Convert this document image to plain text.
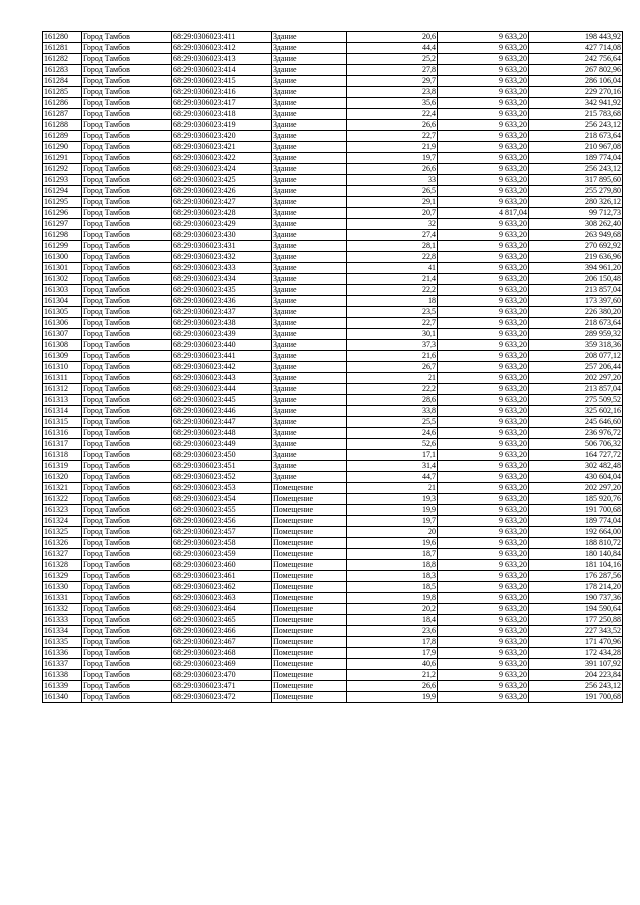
161280	Город Тамбов	68:29:0306023:411	Здание	20,6	9 633,20	198 443,92
161281	Город Тамбов	68:29:0306023:412	Здание	44,4	9 633,20	427 714,08
161282	Город Тамбов	68:29:0306023:413	Здание	25,2	9 633,20	242 756,64
161283	Город Тамбов	68:29:0306023:414	Здание	27,8	9 633,20	267 802,96
161284	Город Тамбов	68:29:0306023:415	Здание	29,7	9 633,20	286 106,04
161285	Город Тамбов	68:29:0306023:416	Здание	23,8	9 633,20	229 270,16
161286	Город Тамбов	68:29:0306023:417	Здание	35,6	9 633,20	342 941,92
161287	Город Тамбов	68:29:0306023:418	Здание	22,4	9 633,20	215 783,68
161288	Город Тамбов	68:29:0306023:419	Здание	26,6	9 633,20	256 243,12
161289	Город Тамбов	68:29:0306023:420	Здание	22,7	9 633,20	218 673,64
161290	Город Тамбов	68:29:0306023:421	Здание	21,9	9 633,20	210 967,08
161291	Город Тамбов	68:29:0306023:422	Здание	19,7	9 633,20	189 774,04
161292	Город Тамбов	68:29:0306023:424	Здание	26,6	9 633,20	256 243,12
161293	Город Тамбов	68:29:0306023:425	Здание	33	9 633,20	317 895,60
161294	Город Тамбов	68:29:0306023:426	Здание	26,5	9 633,20	255 279,80
161295	Город Тамбов	68:29:0306023:427	Здание	29,1	9 633,20	280 326,12
161296	Город Тамбов	68:29:0306023:428	Здание	20,7	4 817,04	99 712,73
161297	Город Тамбов	68:29:0306023:429	Здание	32	9 633,20	308 262,40
161298	Город Тамбов	68:29:0306023:430	Здание	27,4	9 633,20	263 949,68
161299	Город Тамбов	68:29:0306023:431	Здание	28,1	9 633,20	270 692,92
161300	Город Тамбов	68:29:0306023:432	Здание	22,8	9 633,20	219 636,96
161301	Город Тамбов	68:29:0306023:433	Здание	41	9 633,20	394 961,20
161302	Город Тамбов	68:29:0306023:434	Здание	21,4	9 633,20	206 150,48
161303	Город Тамбов	68:29:0306023:435	Здание	22,2	9 633,20	213 857,04
161304	Город Тамбов	68:29:0306023:436	Здание	18	9 633,20	173 397,60
161305	Город Тамбов	68:29:0306023:437	Здание	23,5	9 633,20	226 380,20
161306	Город Тамбов	68:29:0306023:438	Здание	22,7	9 633,20	218 673,64
161307	Город Тамбов	68:29:0306023:439	Здание	30,1	9 633,20	289 959,32
161308	Город Тамбов	68:29:0306023:440	Здание	37,3	9 633,20	359 318,36
161309	Город Тамбов	68:29:0306023:441	Здание	21,6	9 633,20	208 077,12
161310	Город Тамбов	68:29:0306023:442	Здание	26,7	9 633,20	257 206,44
161311	Город Тамбов	68:29:0306023:443	Здание	21	9 633,20	202 297,20
161312	Город Тамбов	68:29:0306023:444	Здание	22,2	9 633,20	213 857,04
161313	Город Тамбов	68:29:0306023:445	Здание	28,6	9 633,20	275 509,52
161314	Город Тамбов	68:29:0306023:446	Здание	33,8	9 633,20	325 602,16
161315	Город Тамбов	68:29:0306023:447	Здание	25,5	9 633,20	245 646,60
161316	Город Тамбов	68:29:0306023:448	Здание	24,6	9 633,20	236 976,72
161317	Город Тамбов	68:29:0306023:449	Здание	52,6	9 633,20	506 706,32
161318	Город Тамбов	68:29:0306023:450	Здание	17,1	9 633,20	164 727,72
161319	Город Тамбов	68:29:0306023:451	Здание	31,4	9 633,20	302 482,48
161320	Город Тамбов	68:29:0306023:452	Здание	44,7	9 633,20	430 604,04
161321	Город Тамбов	68:29:0306023:453	Помещение	21	9 633,20	202 297,20
161322	Город Тамбов	68:29:0306023:454	Помещение	19,3	9 633,20	185 920,76
161323	Город Тамбов	68:29:0306023:455	Помещение	19,9	9 633,20	191 700,68
161324	Город Тамбов	68:29:0306023:456	Помещение	19,7	9 633,20	189 774,04
161325	Город Тамбов	68:29:0306023:457	Помещение	20	9 633,20	192 664,00
161326	Город Тамбов	68:29:0306023:458	Помещение	19,6	9 633,20	188 810,72
161327	Город Тамбов	68:29:0306023:459	Помещение	18,7	9 633,20	180 140,84
161328	Город Тамбов	68:29:0306023:460	Помещение	18,8	9 633,20	181 104,16
161329	Город Тамбов	68:29:0306023:461	Помещение	18,3	9 633,20	176 287,56
161330	Город Тамбов	68:29:0306023:462	Помещение	18,5	9 633,20	178 214,20
161331	Город Тамбов	68:29:0306023:463	Помещение	19,8	9 633,20	190 737,36
161332	Город Тамбов	68:29:0306023:464	Помещение	20,2	9 633,20	194 590,64
161333	Город Тамбов	68:29:0306023:465	Помещение	18,4	9 633,20	177 250,88
161334	Город Тамбов	68:29:0306023:466	Помещение	23,6	9 633,20	227 343,52
161335	Город Тамбов	68:29:0306023:467	Помещение	17,8	9 633,20	171 470,96
161336	Город Тамбов	68:29:0306023:468	Помещение	17,9	9 633,20	172 434,28
161337	Город Тамбов	68:29:0306023:469	Помещение	40,6	9 633,20	391 107,92
161338	Город Тамбов	68:29:0306023:470	Помещение	21,2	9 633,20	204 223,84
161339	Город Тамбов	68:29:0306023:471	Помещение	26,6	9 633,20	256 243,12
161340	Город Тамбов	68:29:0306023:472	Помещение	19,9	9 633,20	191 700,68
